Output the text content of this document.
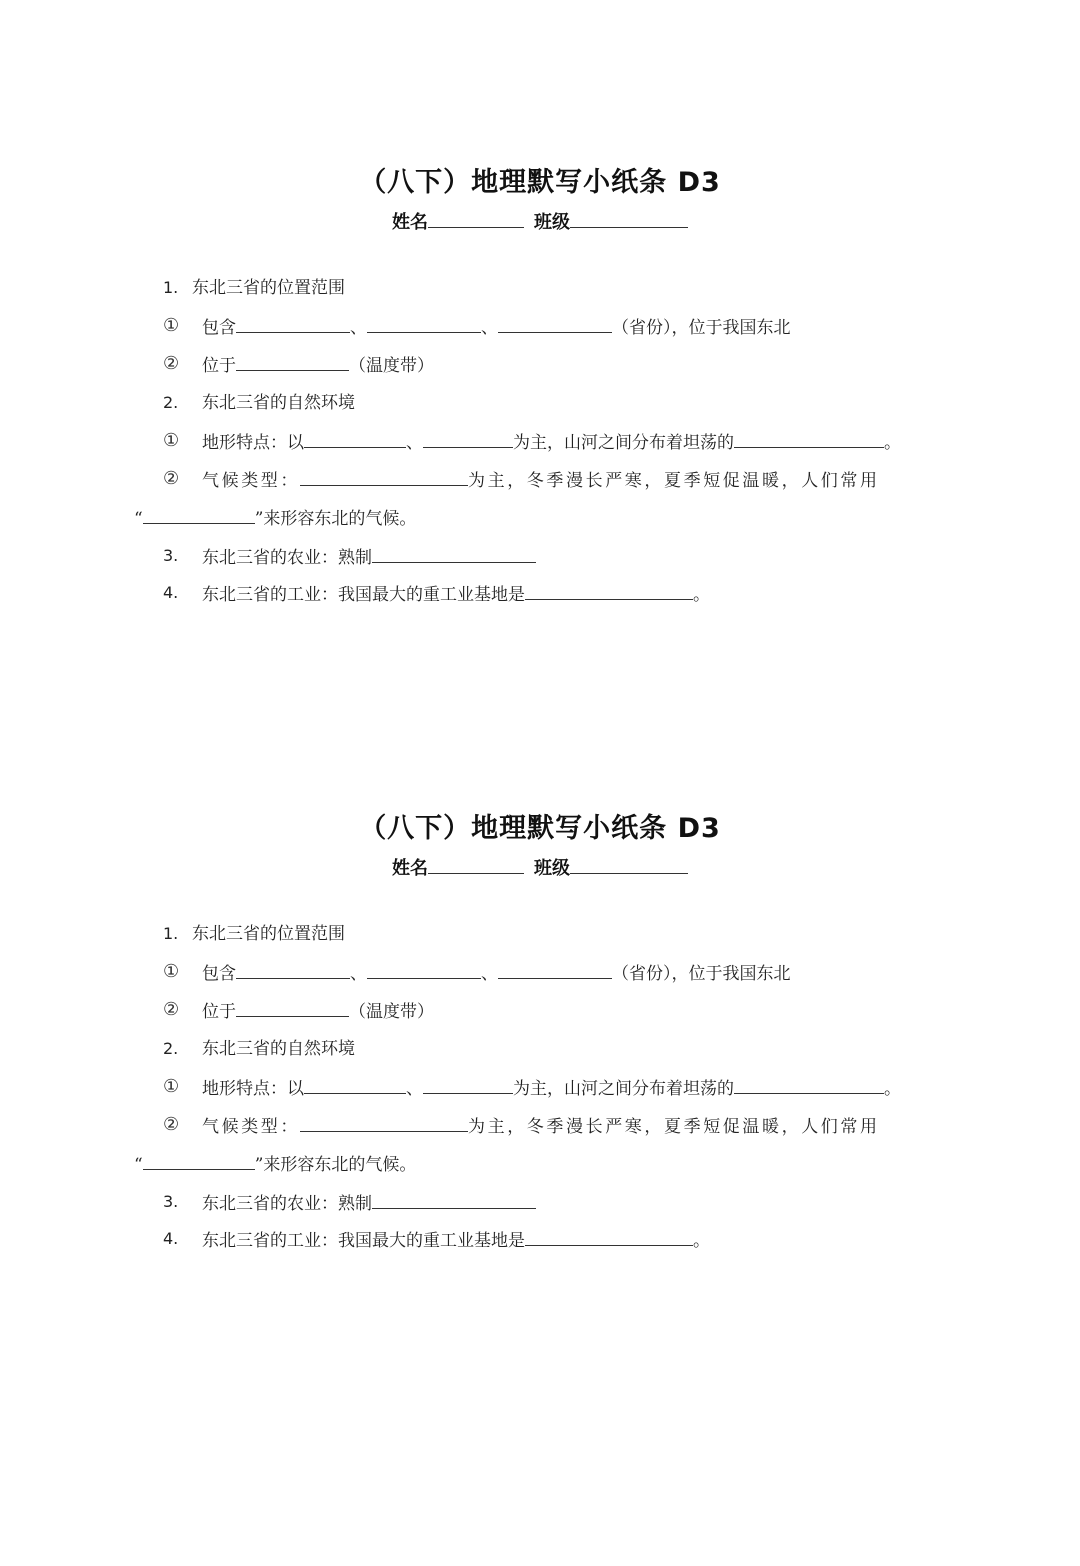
（八下）地理默写小纸条 D3
姓名	班级
1. 东北三省的位置范围
① 包含	、	、	（省份），位于我国东北
② 位于	（温度带）
2. 东北三省的自然环境
① 地形特点：以	、	为主，山河之间分布着坦荡的	。
② 气候类型：	为主，冬季漫长严寒，夏季短促温暖，人们常用
“	”来形容东北的气候。
3. 东北三省的农业：熟制
4. 东北三省的工业：我国最大的重工业基地是	。
（八下）地理默写小纸条 D3
姓名	班级
1. 东北三省的位置范围
① 包含	、	、	（省份），位于我国东北
② 位于	（温度带）
2. 东北三省的自然环境
① 地形特点：以	、	为主，山河之间分布着坦荡的	。
② 气候类型：	为主，冬季漫长严寒，夏季短促温暖，人们常用
“	”来形容东北的气候。
3. 东北三省的农业：熟制
4. 东北三省的工业：我国最大的重工业基地是	。
